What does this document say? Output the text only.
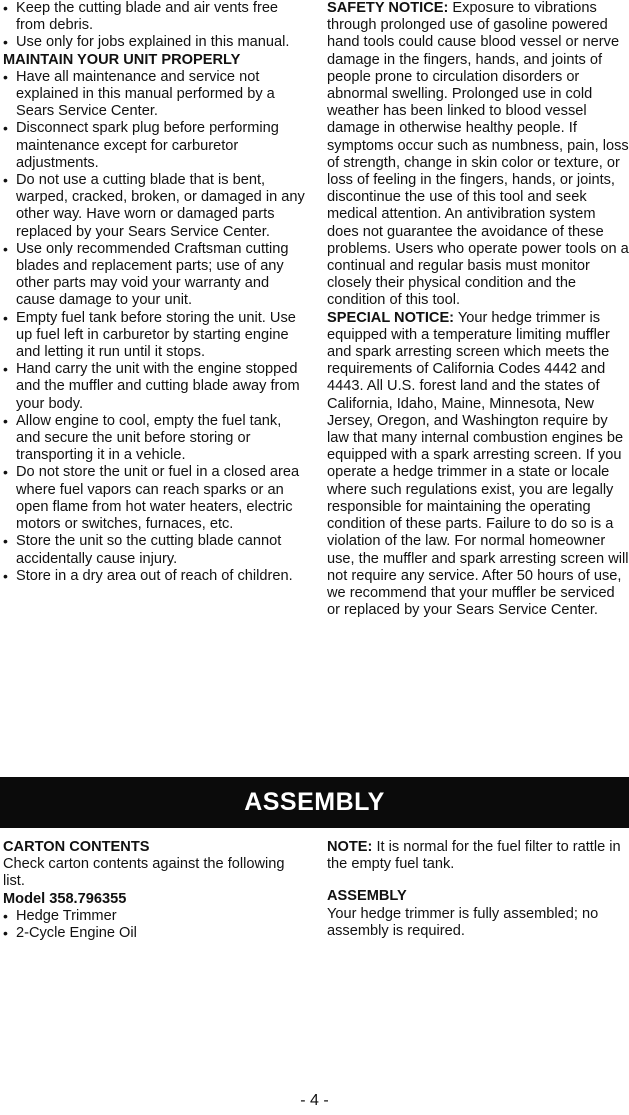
• Keep the cutting blade and air vents free from debris.
• Use only for jobs explained in this manual.
MAINTAIN YOUR UNIT PROPERLY
• Have all maintenance and service not explained in this manual performed by a Sears Service Center.
• Disconnect spark plug before performing maintenance except for carburetor adjustments.
• Do not use a cutting blade that is bent, warped, cracked, broken, or damaged in any other way. Have worn or damaged parts replaced by your Sears Service Center.
• Use only recommended Craftsman cutting blades and replacement parts; use of any other parts may void your warranty and cause damage to your unit.
• Empty fuel tank before storing the unit. Use up fuel left in carburetor by starting engine and letting it run until it stops.
• Hand carry the unit with the engine stopped and the muffler and cutting blade away from your body.
• Allow engine to cool, empty the fuel tank, and secure the unit before storing or transporting it in a vehicle.
• Do not store the unit or fuel in a closed area where fuel vapors can reach sparks or an open flame from hot water heaters, electric motors or switches, furnaces, etc.
• Store the unit so the cutting blade cannot accidentally cause injury.
• Store in a dry area out of reach of children.

SAFETY NOTICE: Exposure to vibrations through prolonged use of gasoline powered hand tools could cause blood vessel or nerve damage in the fingers, hands, and joints of people prone to circulation disorders or abnormal swelling. Prolonged use in cold weather has been linked to blood vessel damage in otherwise healthy people. If symptoms occur such as numbness, pain, loss of strength, change in skin color or texture, or loss of feeling in the fingers, hands, or joints, discontinue the use of this tool and seek medical attention. An antivibration system does not guarantee the avoidance of these problems. Users who operate power tools on a continual and regular basis must monitor closely their physical condition and the condition of this tool.

SPECIAL NOTICE: Your hedge trimmer is equipped with a temperature limiting muffler and spark arresting screen which meets the requirements of California Codes 4442 and 4443. All U.S. forest land and the states of California, Idaho, Maine, Minnesota, New Jersey, Oregon, and Washington require by law that many internal combustion engines be equipped with a spark arresting screen. If you operate a hedge trimmer in a state or locale where such regulations exist, you are legally responsible for maintaining the operating condition of these parts. Failure to do so is a violation of the law. For normal homeowner use, the muffler and spark arresting screen will not require any service. After 50 hours of use, we recommend that your muffler be serviced or replaced by your Sears Service Center.

ASSEMBLY
CARTON CONTENTS

Check carton contents against the following list.

Model 358.796355
• Hedge Trimmer
• 2-Cycle Engine Oil

NOTE: It is normal for the fuel filter to rattle in the empty fuel tank.

ASSEMBLY

Your hedge trimmer is fully assembled; no assembly is required.

- 4 -
